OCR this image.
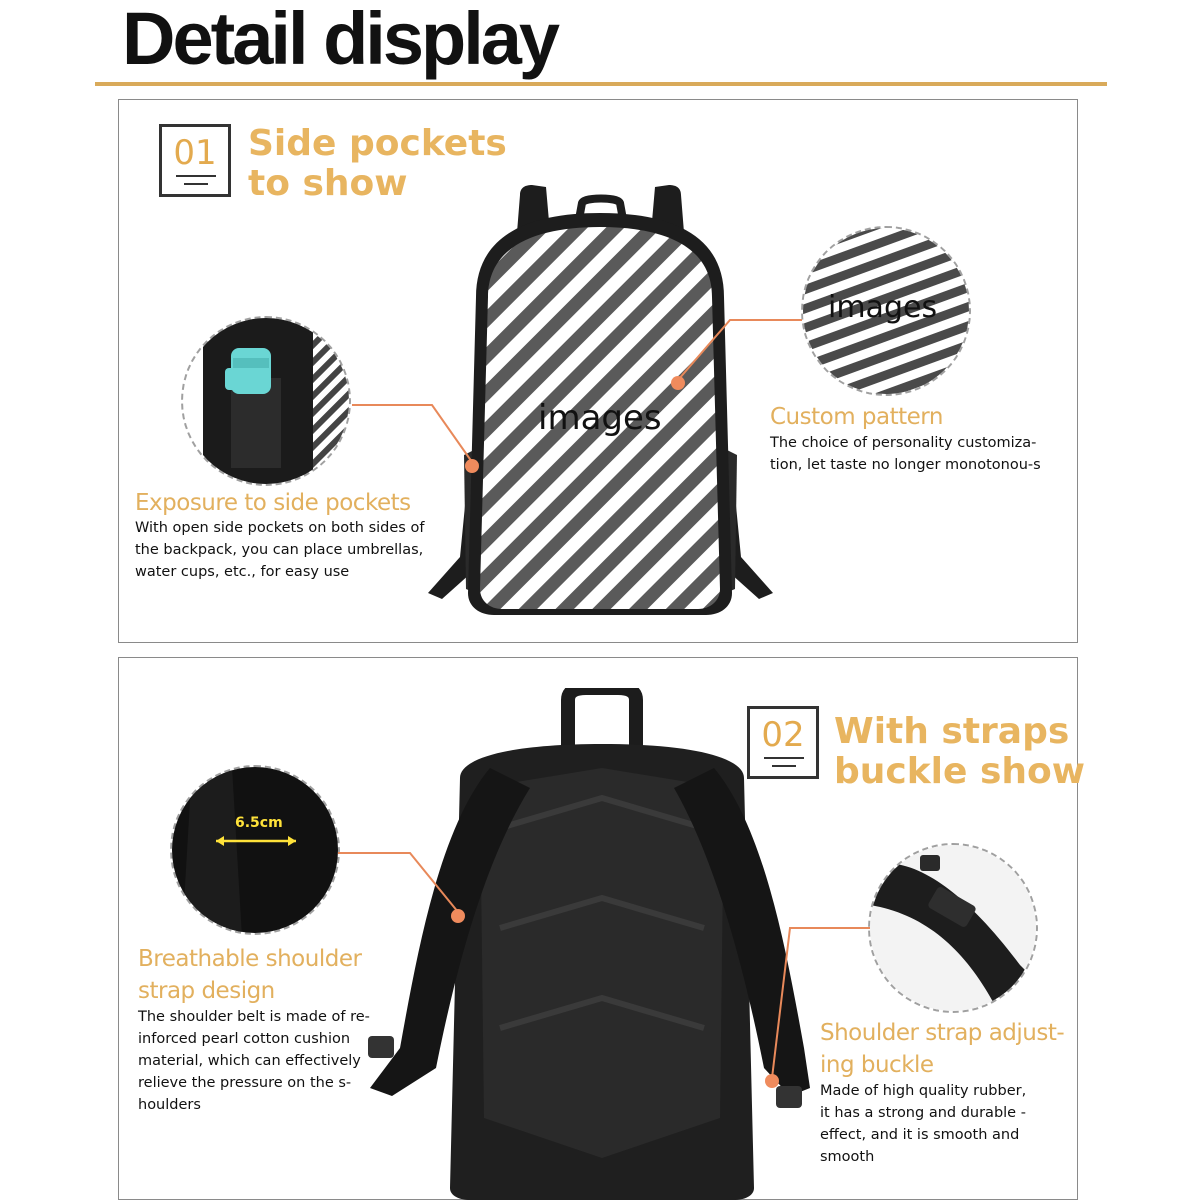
Detail display
01 Side pockets
to show
images
images
Exposure to side pockets
With open side pockets on both sides of
the backpack, you can place umbrellas,
water cups, etc., for easy use
Custom pattern
The choice of personality customiza-
tion, let taste no longer monotonou-s
02 With straps
buckle show
6.5cm
Breathable shoulder
strap design
The shoulder belt is made of re-
inforced pearl cotton cushion
material, which can effectively
relieve the pressure on the s-
houlders
Shoulder strap adjust-
ing buckle
Made of high quality rubber,
it has a strong and durable -
effect, and it is smooth and
smooth
